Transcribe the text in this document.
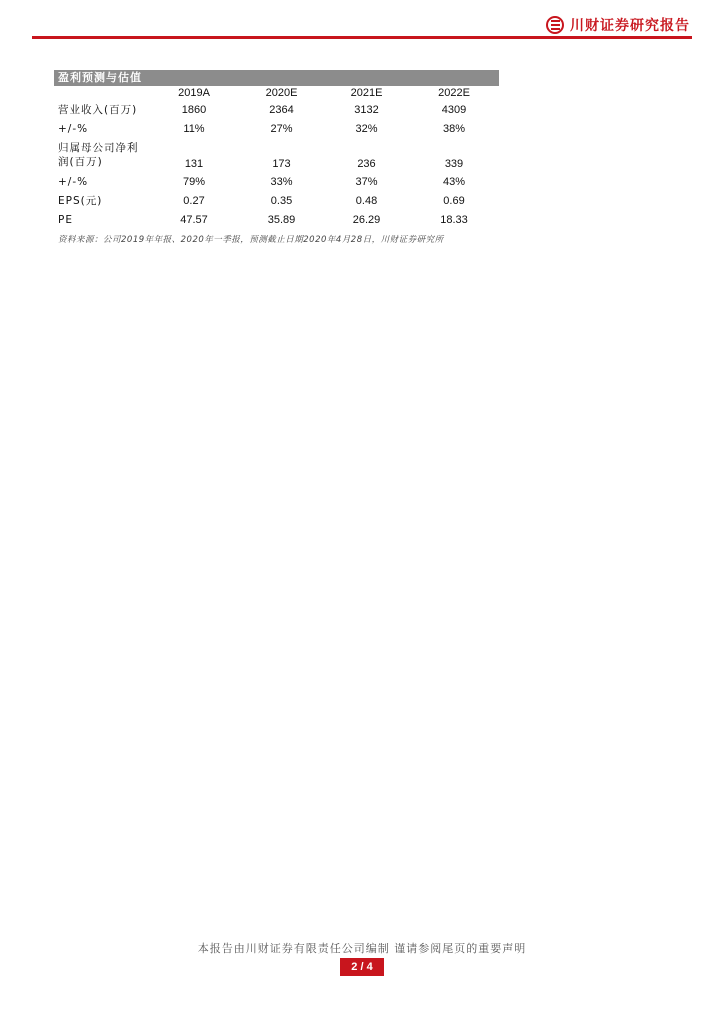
川财证券研究报告
盈利预测与估值
	2019A	2020E	2021E	2022E
营业收入(百万)	1860	2364	3132	4309
+/-%	11%	27%	32%	38%

归属母公司净利
润(百万)	131	173	236	339
+/-%	79%	33%	37%	43%
EPS(元)	0.27	0.35	0.48	0.69
PE	47.57	35.89	26.29	18.33
资料来源：公司2019年年报、2020年一季报，预测截止日期2020年4月28日，川财证券研究所
本报告由川财证券有限责任公司编制 谨请参阅尾页的重要声明
2 / 4
